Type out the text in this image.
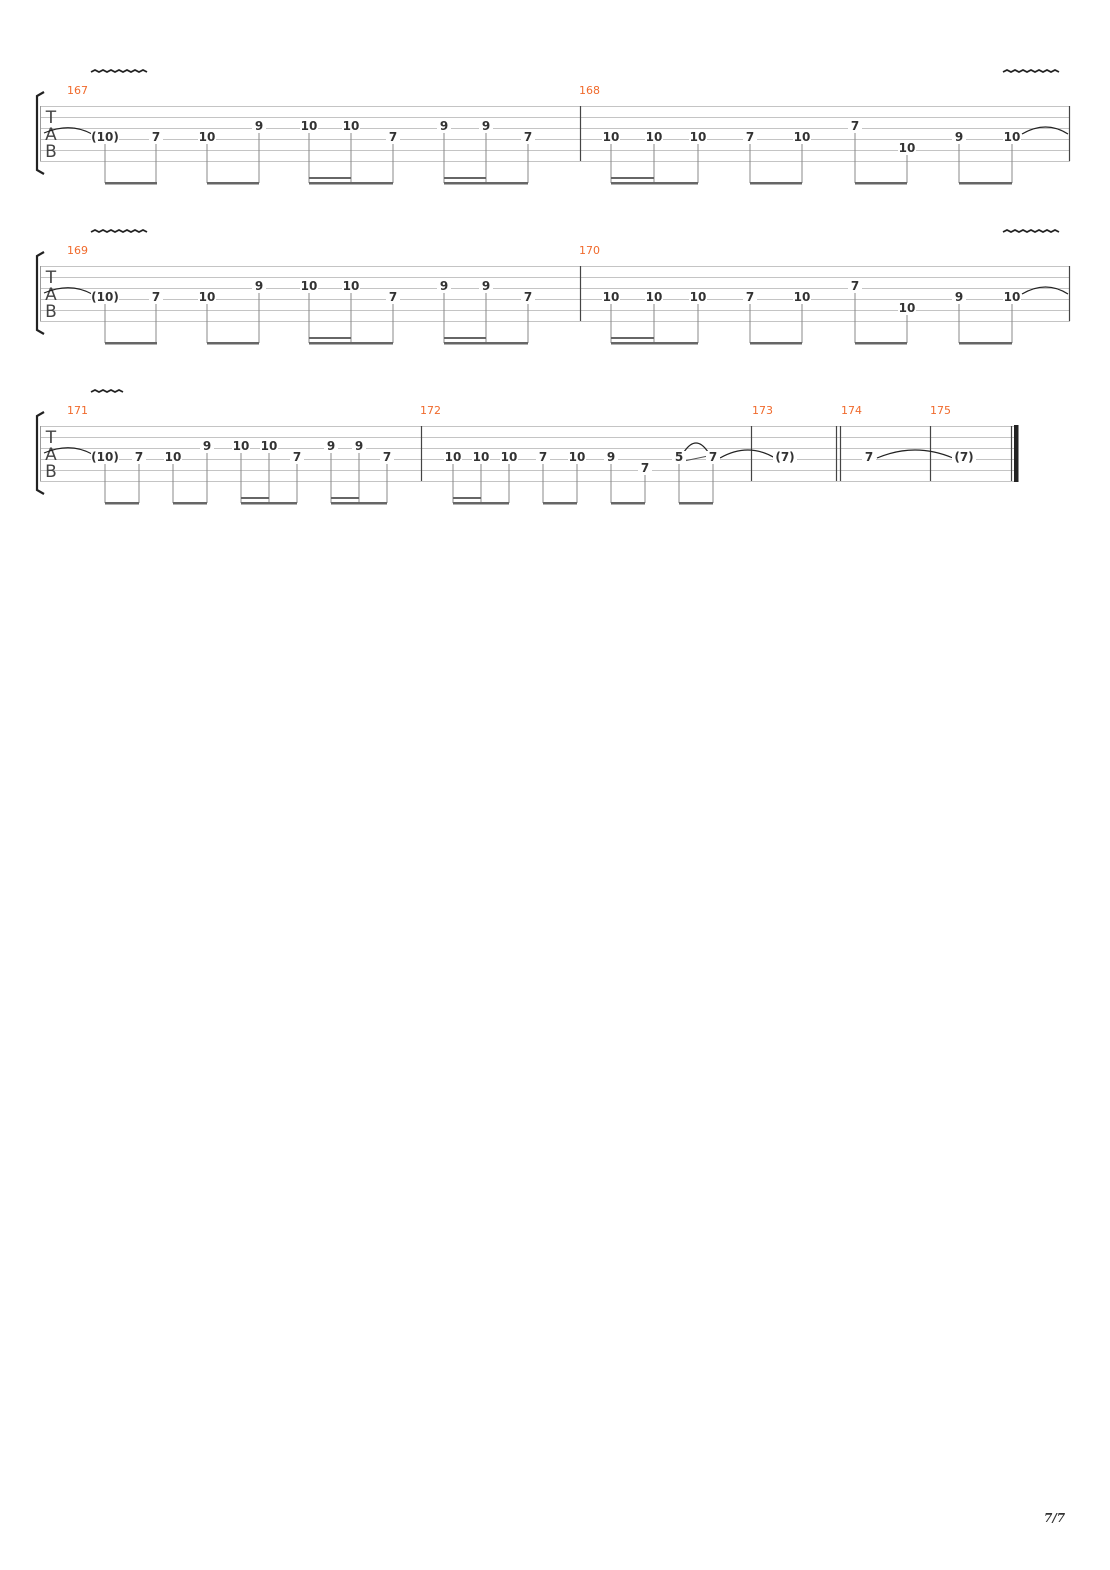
T
A
B
167	168
(10)	7	10
9	10 10
7
9	9
7	10 10 10	7	10
7
10
9	10
T
A
B
169	170
(10)	7	10
9	10 10
7
9	9
7	10 10 10	7	10
7
10
9	10
T
A
B
171	172	173	174	175
(10) 7 10
9 10 10
7
9 9
7	10 10 10 7 10 9
7
5 7	(7)	7	(7)
7/7
